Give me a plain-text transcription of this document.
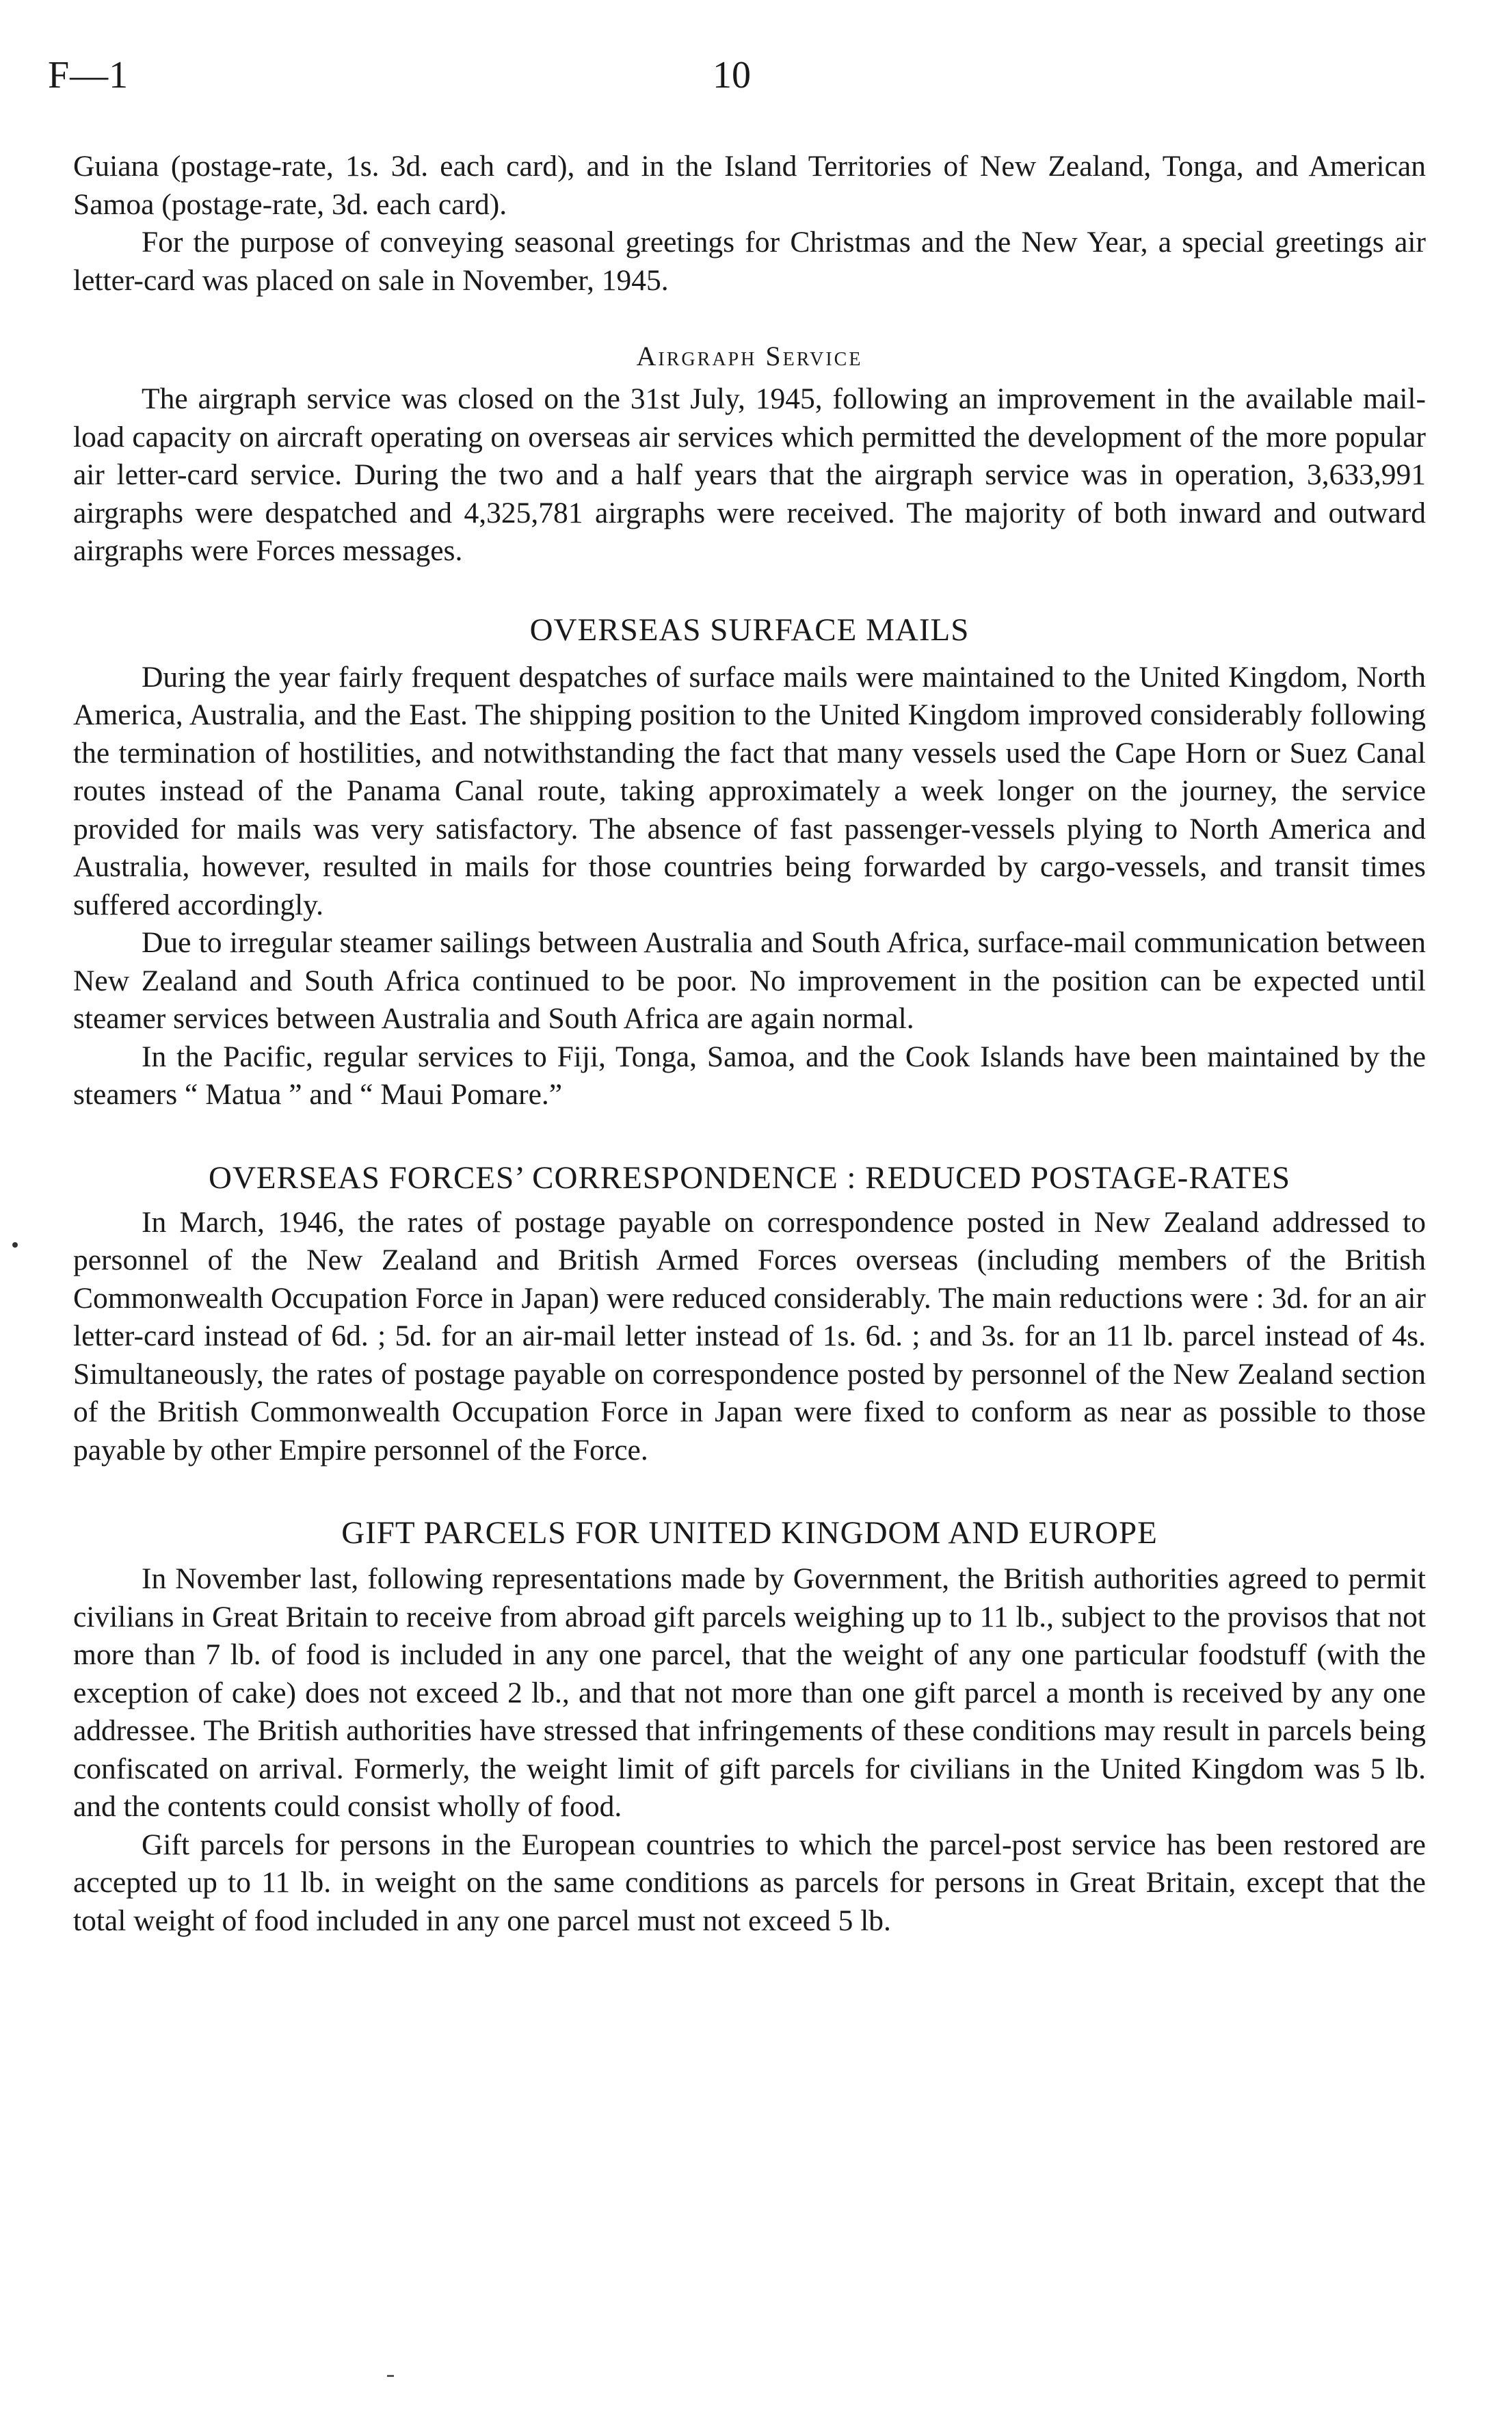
F—1	10

Guiana (postage-rate, 1s. 3d. each card), and in the Island Territories of New Zealand, Tonga, and American Samoa (postage-rate, 3d. each card).

For the purpose of conveying seasonal greetings for Christmas and the New Year, a special greetings air letter-card was placed on sale in November, 1945.

Airgraph Service

The airgraph service was closed on the 31st July, 1945, following an improvement in the available mail-load capacity on aircraft operating on overseas air services which permitted the development of the more popular air letter-card service. During the two and a half years that the airgraph service was in operation, 3,633,991 airgraphs were despatched and 4,325,781 airgraphs were received. The majority of both inward and outward airgraphs were Forces messages.

OVERSEAS SURFACE MAILS

During the year fairly frequent despatches of surface mails were maintained to the United Kingdom, North America, Australia, and the East. The shipping position to the United Kingdom improved considerably following the termination of hostilities, and notwithstanding the fact that many vessels used the Cape Horn or Suez Canal routes instead of the Panama Canal route, taking approximately a week longer on the journey, the service provided for mails was very satisfactory. The absence of fast passenger-vessels plying to North America and Australia, however, resulted in mails for those countries being forwarded by cargo-vessels, and transit times suffered accordingly.

Due to irregular steamer sailings between Australia and South Africa, surface-mail communication between New Zealand and South Africa continued to be poor. No improvement in the position can be expected until steamer services between Australia and South Africa are again normal.

In the Pacific, regular services to Fiji, Tonga, Samoa, and the Cook Islands have been maintained by the steamers “ Matua ” and “ Maui Pomare.”

OVERSEAS FORCES’ CORRESPONDENCE : REDUCED POSTAGE-RATES

In March, 1946, the rates of postage payable on correspondence posted in New Zealand addressed to personnel of the New Zealand and British Armed Forces overseas (including members of the British Commonwealth Occupation Force in Japan) were reduced considerably. The main reductions were : 3d. for an air letter-card instead of 6d. ; 5d. for an air-mail letter instead of 1s. 6d. ; and 3s. for an 11 lb. parcel instead of 4s. Simultaneously, the rates of postage payable on correspondence posted by personnel of the New Zealand section of the British Commonwealth Occupation Force in Japan were fixed to conform as near as possible to those payable by other Empire personnel of the Force.

GIFT PARCELS FOR UNITED KINGDOM AND EUROPE

In November last, following representations made by Government, the British authorities agreed to permit civilians in Great Britain to receive from abroad gift parcels weighing up to 11 lb., subject to the provisos that not more than 7 lb. of food is included in any one parcel, that the weight of any one particular foodstuff (with the exception of cake) does not exceed 2 lb., and that not more than one gift parcel a month is received by any one addressee. The British authorities have stressed that infringements of these conditions may result in parcels being confiscated on arrival. Formerly, the weight limit of gift parcels for civilians in the United Kingdom was 5 lb. and the contents could consist wholly of food.

Gift parcels for persons in the European countries to which the parcel-post service has been restored are accepted up to 11 lb. in weight on the same conditions as parcels for persons in Great Britain, except that the total weight of food included in any one parcel must not exceed 5 lb.
